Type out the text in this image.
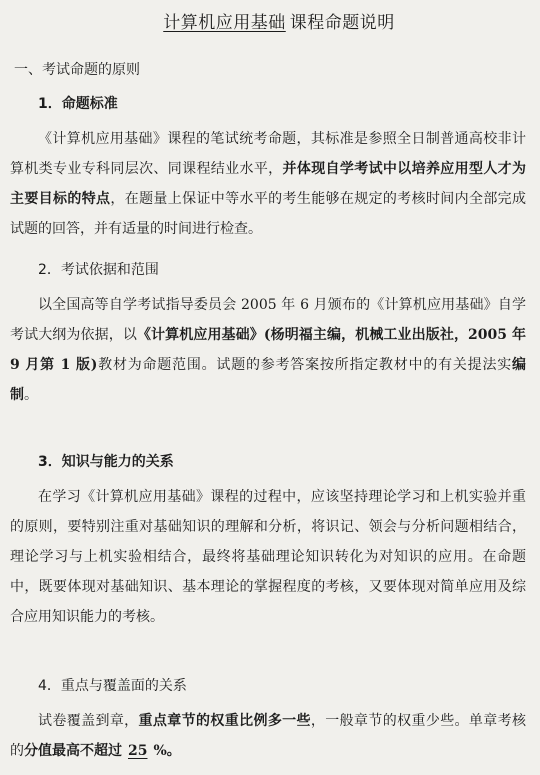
计算机应用基础 课程命题说明
一、考试命题的原则
1．命题标准

《计算机应用基础》课程的笔试统考命题，其标准是参照全日制普通高校非计算机类专业专科同层次、同课程结业水平，并体现自学考试中以培养应用型人才为主要目标的特点，在题量上保证中等水平的考生能够在规定的考核时间内全部完成试题的回答，并有适量的时间进行检查。

2．考试依据和范围

以全国高等自学考试指导委员会 2005 年 6 月颁布的《计算机应用基础》自学考试大纲为依据，以《计算机应用基础》(杨明福主编，机械工业出版社，2005 年 9 月第 1 版)教材为命题范围。试题的参考答案按所指定教材中的有关提法实编制。

3．知识与能力的关系

在学习《计算机应用基础》课程的过程中，应该坚持理论学习和上机实验并重的原则，要特别注重对基础知识的理解和分析，将识记、领会与分析问题相结合，理论学习与上机实验相结合，最终将基础理论知识转化为对知识的应用。在命题中，既要体现对基础知识、基本理论的掌握程度的考核，又要体现对简单应用及综合应用知识能力的考核。

4．重点与覆盖面的关系

试卷覆盖到章，重点章节的权重比例多一些，一般章节的权重少些。单章考核的分值最高不超过 25 %。
